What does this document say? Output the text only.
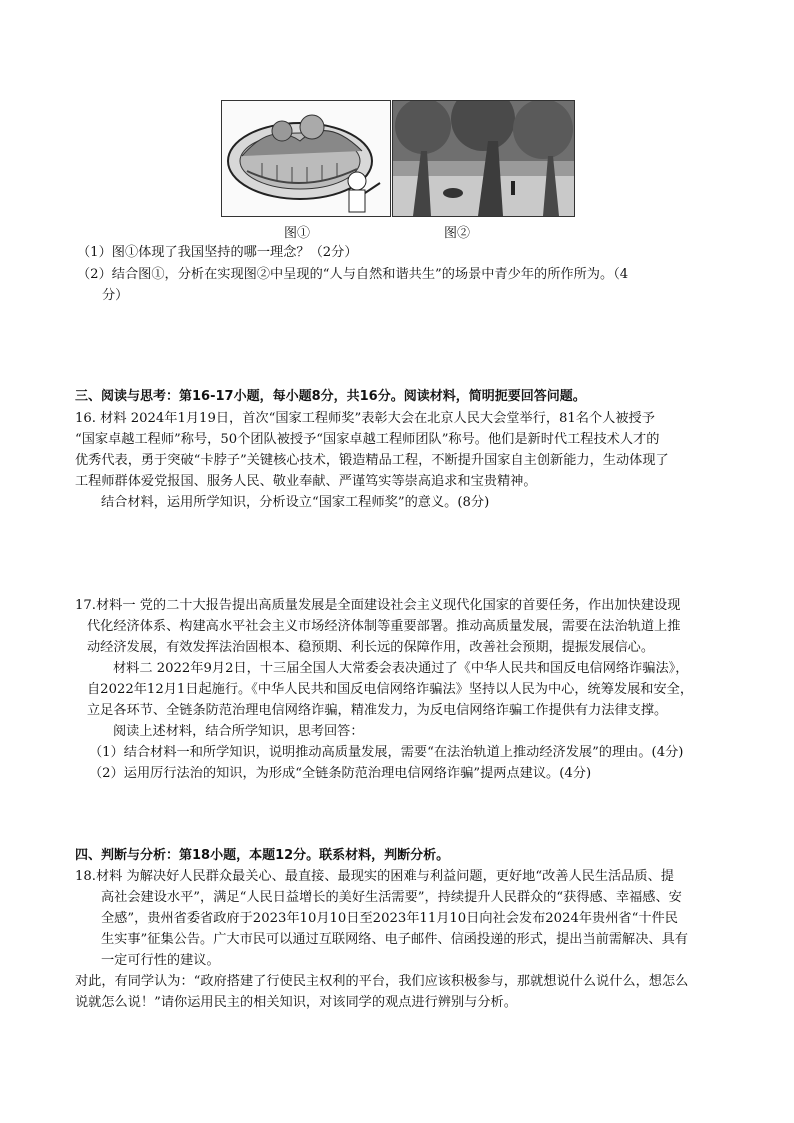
图①	图②
（1）图①体现了我国坚持的哪一理念？（2分）
（2）结合图①，分析在实现图②中呈现的“人与自然和谐共生”的场景中青少年的所作所为。（4
分）
三、阅读与思考：第16-17小题，每小题8分，共16分。阅读材料，简明扼要回答问题。
16. 材料 2024年1月19日，首次“国家工程师奖”表彰大会在北京人民大会堂举行，81名个人被授予
“国家卓越工程师”称号，50个团队被授予“国家卓越工程师团队”称号。他们是新时代工程技术人才的
优秀代表，勇于突破“卡脖子”关键核心技术，锻造精品工程，不断提升国家自主创新能力，生动体现了
工程师群体爱党报国、服务人民、敬业奉献、严谨笃实等崇高追求和宝贵精神。
结合材料，运用所学知识，分析设立“国家工程师奖”的意义。(8分)
17.材料一 党的二十大报告提出高质量发展是全面建设社会主义现代化国家的首要任务，作出加快建设现
代化经济体系、构建高水平社会主义市场经济体制等重要部署。推动高质量发展，需要在法治轨道上推
动经济发展，有效发挥法治固根本、稳预期、利长远的保障作用，改善社会预期，提振发展信心。
材料二 2022年9月2日，十三届全国人大常委会表决通过了《中华人民共和国反电信网络诈骗法》，
自2022年12月1日起施行。《中华人民共和国反电信网络诈骗法》坚持以人民为中心，统筹发展和安全，
立足各环节、全链条防范治理电信网络诈骗，精准发力，为反电信网络诈骗工作提供有力法律支撑。
阅读上述材料，结合所学知识，思考回答：
（1）结合材料一和所学知识，说明推动高质量发展，需要“在法治轨道上推动经济发展”的理由。(4分)
（2）运用厉行法治的知识，为形成“全链条防范治理电信网络诈骗”提两点建议。(4分)
四、判断与分析：第18小题，本题12分。联系材料，判断分析。
18.材料 为解决好人民群众最关心、最直接、最现实的困难与利益问题，更好地“改善人民生活品质、提
高社会建设水平”，满足“人民日益增长的美好生活需要”，持续提升人民群众的“获得感、幸福感、安
全感”，贵州省委省政府于2023年10月10日至2023年11月10日向社会发布2024年贵州省“十件民
生实事”征集公告。广大市民可以通过互联网络、电子邮件、信函投递的形式，提出当前需解决、具有
一定可行性的建议。
对此，有同学认为：“政府搭建了行使民主权利的平台，我们应该积极参与，那就想说什么说什么，想怎么
说就怎么说！”请你运用民主的相关知识，对该同学的观点进行辨别与分析。
